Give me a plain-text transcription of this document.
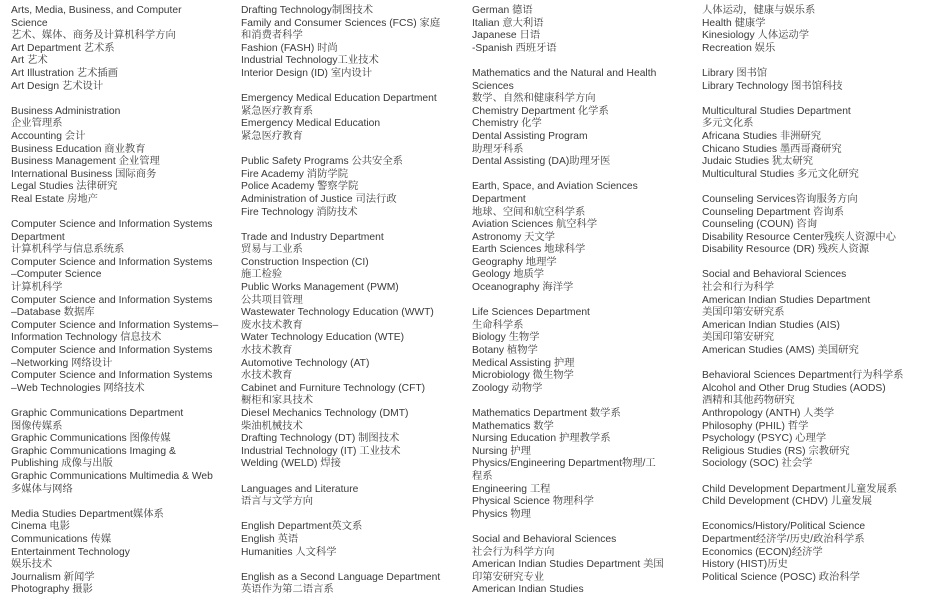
Arts, Media, Business, and Computer
Science
艺术、媒体、商务及计算机科学方向
Art Department 艺术系
Art 艺术
Art Illustration 艺术插画
Art Design 艺术设计
Business Administration
企业管理系
Accounting 会计
Business Education 商业教育
Business Management 企业管理
International Business 国际商务
Legal Studies 法律研究
Real Estate 房地产
Computer Science and Information Systems
Department
计算机科学与信息系统系
Computer Science and Information Systems
–Computer Science
计算机科学
Computer Science and Information Systems
–Database 数据库
Computer Science and Information Systems–
Information Technology 信息技术
Computer Science and Information Systems
–Networking 网络设计
Computer Science and Information Systems
–Web Technologies 网络技术
Graphic Communications Department
图像传媒系
Graphic Communications 图像传媒
Graphic Communications Imaging &
Publishing 成像与出版
Graphic Communications Multimedia & Web
多媒体与网络
Media Studies Department媒体系
Cinema 电影
Communications 传媒
Entertainment Technology
娱乐技术
Journalism 新闻学
Photography 摄影
Drafting Technology制图技术
Family and Consumer Sciences (FCS) 家庭
和消费者科学
Fashion (FASH) 时尚
Industrial Technology工业技术
Interior Design (ID) 室内设计
Emergency Medical Education Department
紧急医疗教育系
Emergency Medical Education
紧急医疗教育
Public Safety Programs 公共安全系
Fire Academy 消防学院
Police Academy 警察学院
Administration of Justice 司法行政
Fire Technology 消防技术
Trade and Industry Department
贸易与工业系
Construction Inspection (CI)
施工检验
Public Works Management (PWM)
公共项目管理
Wastewater Technology Education (WWT)
废水技术教育
Water Technology Education (WTE)
水技术教育
Automotive Technology (AT)
水技术教育
Cabinet and Furniture Technology (CFT)
橱柜和家具技术
Diesel Mechanics Technology (DMT)
柴油机械技术
Drafting Technology (DT) 制图技术
Industrial Technology (IT) 工业技术
Welding (WELD) 焊接
Languages and Literature
语言与文学方向
English Department英文系
English 英语
Humanities 人文科学
English as a Second Language Department
英语作为第二语言系
German 德语
Italian 意大利语
Japanese 日语
-Spanish 西班牙语
Mathematics and the Natural and Health
Sciences
数学、自然和健康科学方向
Chemistry Department 化学系
Chemistry 化学
Dental Assisting Program
助理牙科系
Dental Assisting (DA)助理牙医
Earth, Space, and Aviation Sciences
Department
地球、空间和航空科学系
Aviation Sciences 航空科学
Astronomy 天文学
Earth Sciences 地球科学
Geography 地理学
Geology 地质学
Oceanography 海洋学
Life Sciences Department
生命科学系
Biology 生物学
Botany 植物学
Medical Assisting 护理
Microbiology 微生物学
Zoology 动物学
Mathematics Department 数学系
Mathematics 数学
Nursing Education 护理教学系
Nursing 护理
Physics/Engineering Department物理/工
程系
Engineering 工程
Physical Science 物理科学
Physics 物理
Social and Behavioral Sciences
社会行为科学方向
American Indian Studies Department 美国
印第安研究专业
American Indian Studies
人体运动，健康与娱乐系
Health 健康学
Kinesiology 人体运动学
Recreation 娱乐
Library 图书馆
Library Technology 图书馆科技
Multicultural Studies Department
多元文化系
Africana Studies 非洲研究
Chicano Studies 墨西哥裔研究
Judaic Studies 犹太研究
Multicultural Studies 多元文化研究
Counseling Services咨询服务方向
Counseling Department 咨询系
Counseling (COUN) 咨询
Disability Resource Center残疾人资源中心
Disability Resource (DR) 残疾人资源
Social and Behavioral Sciences
社会和行为科学
American Indian Studies Department
美国印第安研究系
American Indian Studies (AIS)
美国印第安研究
American Studies (AMS) 美国研究
Behavioral Sciences Department行为科学系
Alcohol and Other Drug Studies (AODS)
酒精和其他药物研究
Anthropology (ANTH) 人类学
Philosophy (PHIL) 哲学
Psychology (PSYC) 心理学
Religious Studies (RS) 宗教研究
Sociology (SOC) 社会学
Child Development Department儿童发展系
Child Development (CHDV) 儿童发展
Economics/History/Political Science
Department经济学/历史/政治科学系
Economics (ECON)经济学
History (HIST)历史
Political Science (POSC) 政治科学
